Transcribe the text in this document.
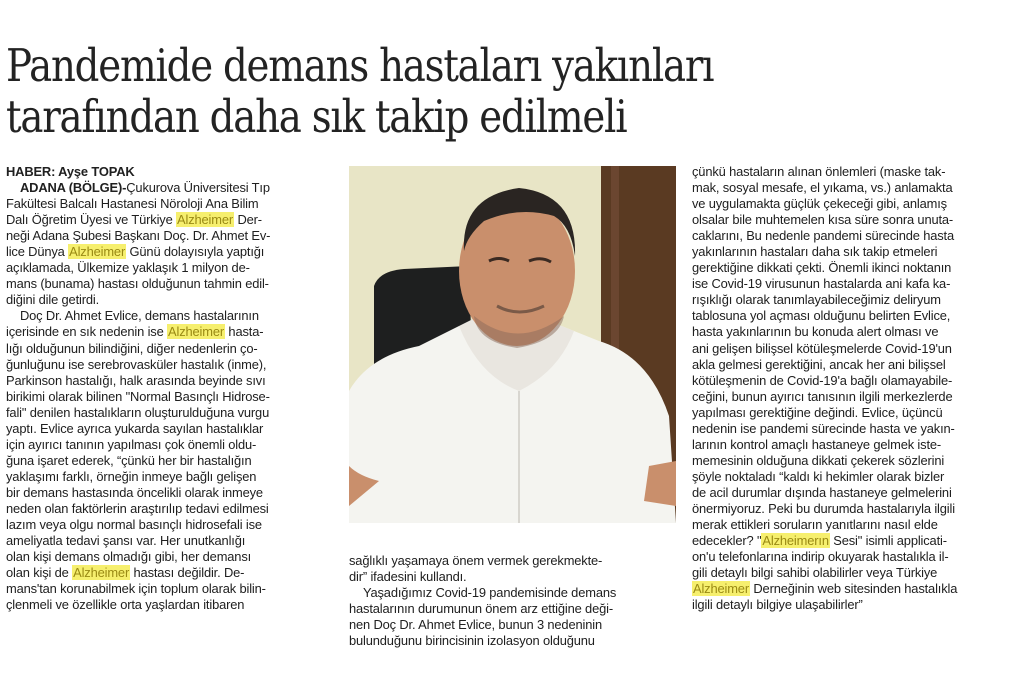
Pandemide demans hastaları yakınları
tarafından daha sık takip edilmeli
HABER: Ayşe TOPAK
ADANA (BÖLGE)-Çukurova Üniversitesi Tıp
Fakültesi Balcalı Hastanesi Nöroloji Ana Bilim
Dalı Öğretim Üyesi ve Türkiye Alzheimer Der-
neği Adana Şubesi Başkanı Doç. Dr. Ahmet Ev-
lice Dünya Alzheimer Günü dolayısıyla yaptığı
açıklamada, Ülkemize yaklaşık 1 milyon de-
mans (bunama) hastası olduğunun tahmin edil-
diğini dile getirdi.
Doç Dr. Ahmet Evlice, demans hastalarının
içerisinde en sık nedenin ise Alzheimer hasta-
lığı olduğunun bilindiğini, diğer nedenlerin ço-
ğunluğunu ise serebrovasküler hastalık (inme),
Parkinson hastalığı, halk arasında beyinde sıvı
birikimi olarak bilinen "Normal Basınçlı Hidrose-
fali" denilen hastalıkların oluşturulduğuna vurgu
yaptı. Evlice ayrıca yukarda sayılan hastalıklar
için ayırıcı tanının yapılması çok önemli oldu-
ğuna işaret ederek, “çünkü her bir hastalığın
yaklaşımı farklı, örneğin inmeye bağlı gelişen
bir demans hastasında öncelikli olarak inmeye
neden olan faktörlerin araştırılıp tedavi edilmesi
lazım veya olgu normal basınçlı hidrosefali ise
ameliyatla tedavi şansı var. Her unutkanlığı
olan kişi demans olmadığı gibi, her demansı
olan kişi de Alzheimer hastası değildir. De-
mans'tan korunabilmek için toplum olarak bilin-
çlenmeli ve özellikle orta yaşlardan itibaren
sağlıklı yaşamaya önem vermek gerekmekte-
dir” ifadesini kullandı.
Yaşadığımız Covid-19 pandemisinde demans
hastalarının durumunun önem arz ettiğine deği-
nen Doç Dr. Ahmet Evlice, bunun 3 nedeninin
bulunduğunu birincisinin izolasyon olduğunu
çünkü hastaların alınan önlemleri (maske tak-
mak, sosyal mesafe, el yıkama, vs.) anlamakta
ve uygulamakta güçlük çekeceği gibi, anlamış
olsalar bile muhtemelen kısa süre sonra unuta-
caklarını, Bu nedenle pandemi sürecinde hasta
yakınlarının hastaları daha sık takip etmeleri
gerektiğine dikkati çekti. Önemli ikinci noktanın
ise Covid-19 virusunun hastalarda ani kafa ka-
rışıklığı olarak tanımlayabileceğimiz deliryum
tablosuna yol açması olduğunu belirten Evlice,
hasta yakınlarının bu konuda alert olması ve
ani gelişen bilişsel kötüleşmelerde Covid-19'un
akla gelmesi gerektiğini, ancak her ani bilişsel
kötüleşmenin de Covid-19'a bağlı olamayabile-
ceğini, bunun ayırıcı tanısının ilgili merkezlerde
yapılması gerektiğine değindi. Evlice, üçüncü
nedenin ise pandemi sürecinde hasta ve yakın-
larının kontrol amaçlı hastaneye gelmek iste-
memesinin olduğuna dikkati çekerek sözlerini
şöyle noktaladı “kaldı ki hekimler olarak bizler
de acil durumlar dışında hastaneye gelmelerini
önermiyoruz. Peki bu durumda hastalarıyla ilgili
merak ettikleri soruların yanıtlarını nasıl elde
edecekler? "Alzheimerın Sesi" isimli applicati-
on'u telefonlarına indirip okuyarak hastalıkla il-
gili detaylı bilgi sahibi olabilirler veya Türkiye
Alzheimer Derneğinin web sitesinden hastalıkla
ilgili detaylı bilgiye ulaşabilirler”
